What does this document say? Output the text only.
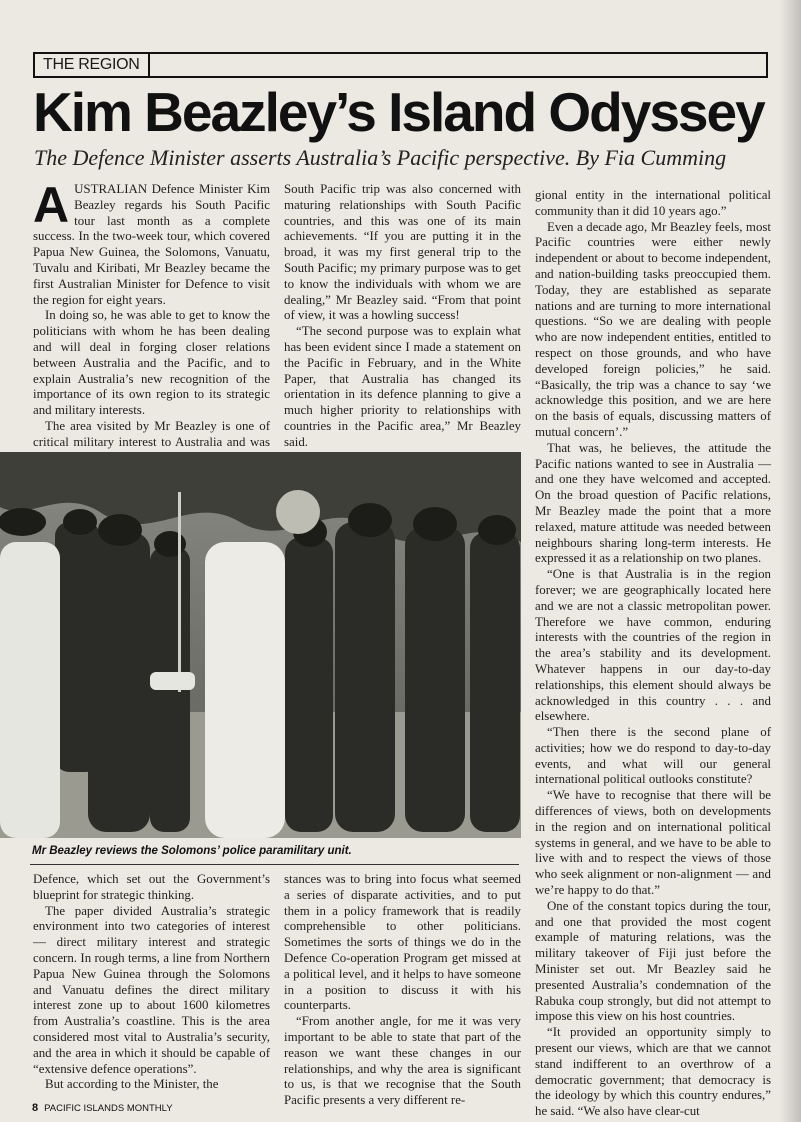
THE REGION
Kim Beazley’s Island Odyssey
The Defence Minister asserts Australia’s Pacific perspective. By Fia Cumming

AUSTRALIAN Defence Minister Kim Beazley regards his South Pacific tour last month as a complete success. In the two-week tour, which covered Papua New Guinea, the Solomons, Vanuatu, Tuvalu and Kiribati, Mr Beazley became the first Australian Minister for Defence to visit the region for eight years.

In doing so, he was able to get to know the politicians with whom he has been dealing and will deal in forging closer relations between Australia and the Pacific, and to explain Australia’s new recognition of the importance of its own region to its strategic and military interests.

The area visited by Mr Beazley is one of critical military interest to Australia and was

South Pacific trip was also concerned with maturing relationships with South Pacific countries, and this was one of its main achievements. “If you are putting it in the broad, it was my first general trip to the South Pacific; my primary purpose was to get to know the individuals with whom we are dealing,” Mr Beazley said. “From that point of view, it was a howling success!

“The second purpose was to explain what has been evident since I made a statement on the Pacific in February, and in the White Paper, that Australia has changed its orientation in its defence planning to give a much higher priority to relationships with countries in the Pacific area,” Mr Beazley said.

gional entity in the international political community than it did 10 years ago.”

Even a decade ago, Mr Beazley feels, most Pacific countries were either newly independent or about to become independent, and nation-building tasks preoccupied them. Today, they are established as separate nations and are turning to more international questions. “So we are dealing with people who are now independent entities, entitled to respect on those grounds, and who have developed foreign policies,” he said. “Basically, the trip was a chance to say ‘we acknowledge this position, and we are here on the basis of equals, discussing matters of mutual concern’.”

That was, he believes, the attitude the Pacific nations wanted to see in Australia — and one they have welcomed and accepted. On the broad question of Pacific relations, Mr Beazley made the point that a more relaxed, mature attitude was needed between neighbours sharing long-term interests. He expressed it as a relationship on two planes.

“One is that Australia is in the region forever; we are geographically located here and we are not a classic metropolitan power. Therefore we have common, enduring interests with the countries of the region in the area’s stability and its development. Whatever happens in our day-to-day relationships, this element should always be acknowledged in this country . . . and elsewhere.

“Then there is the second plane of activities; how we do respond to day-to-day events, and what will our general international political outlooks constitute?

“We have to recognise that there will be differences of views, both on developments in the region and on international political systems in general, and we have to be able to live with and to respect the views of those who seek alignment or non-alignment — and we’re happy to do that.”

One of the constant topics during the tour, and one that provided the most cogent example of maturing relations, was the military takeover of Fiji just before the Minister set out. Mr Beazley said he presented Australia’s condemnation of the Rabuka coup strongly, but did not attempt to impose this view on his host countries.

“It provided an opportunity simply to present our views, which are that we cannot stand indifferent to an overthrow of a democratic government; that democracy is the ideology by which this country endures,” he said. “We also have clear-cut

Mr Beazley reviews the Solomons’ police paramilitary unit.

Defence, which set out the Government’s blueprint for strategic thinking.

The paper divided Australia’s strategic environment into two categories of interest — direct military interest and strategic concern. In rough terms, a line from Northern Papua New Guinea through the Solomons and Vanuatu defines the direct military interest zone up to about 1600 kilometres from Australia’s coastline. This is the area considered most vital to Australia’s security, and the area in which it should be capable of “extensive defence operations”.

But according to the Minister, the

stances was to bring into focus what seemed a series of disparate activities, and to put them in a policy framework that is readily comprehensible to other politicians. Sometimes the sorts of things we do in the Defence Co-operation Program get missed at a political level, and it helps to have someone in a position to discuss it with his counterparts.

“From another angle, for me it was very important to be able to state that part of the reason we want these changes in our relationships, and why the area is significant to us, is that we recognise that the South Pacific presents a very different re-

8 PACIFIC ISLANDS MONTHLY
